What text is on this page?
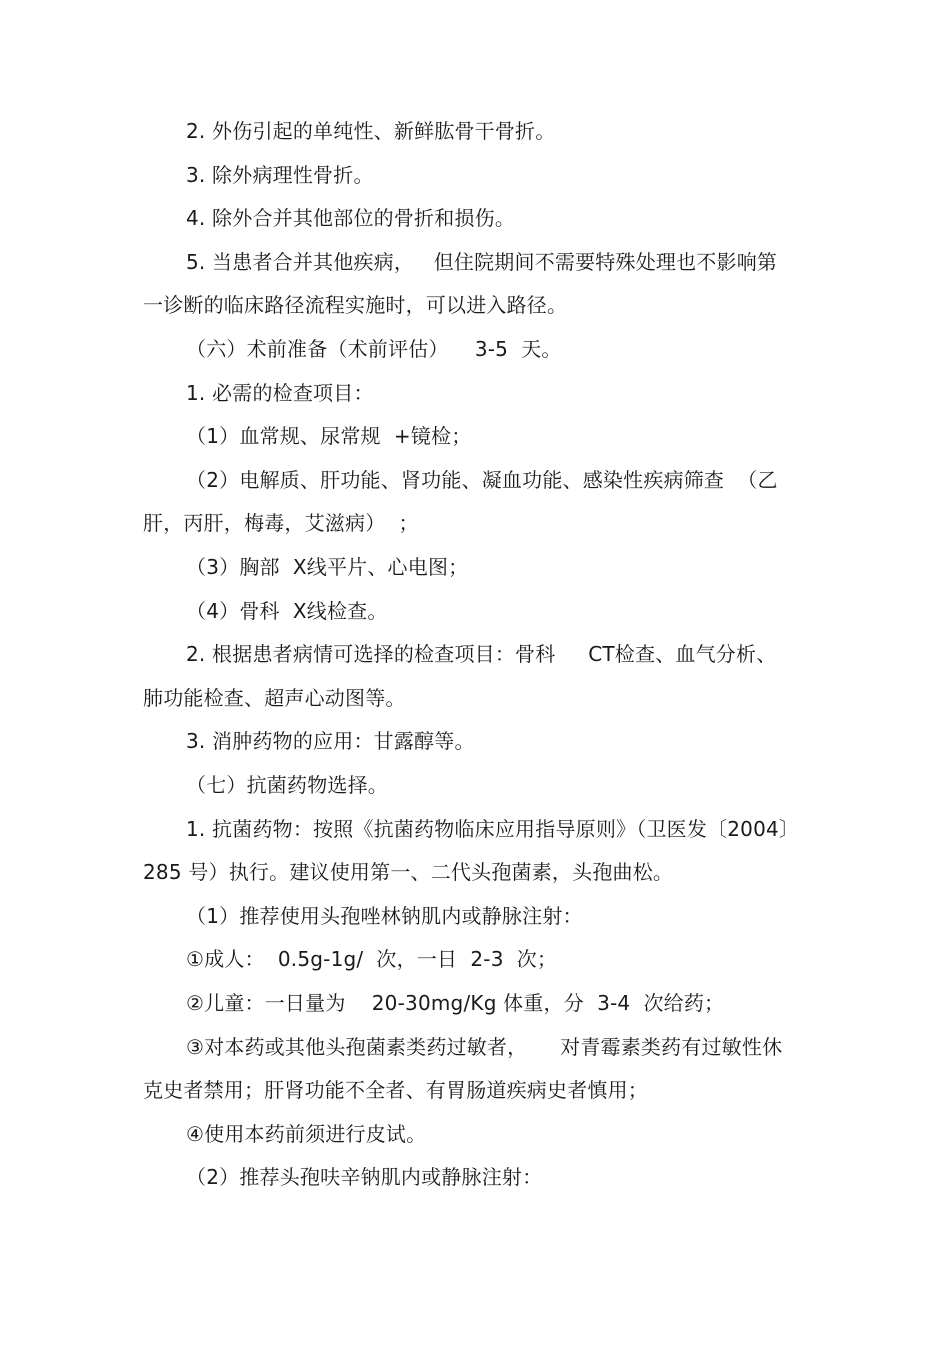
2. 外伤引起的单纯性、新鲜肱骨干骨折。
3. 除外病理性骨折。
4. 除外合并其他部位的骨折和损伤。
5. 当患者合并其他疾病，   但住院期间不需要特殊处理也不影响第
一诊断的临床路径流程实施时，可以进入路径。
（六）术前准备（术前评估）    3-5  天。
1. 必需的检查项目：
（1）血常规、尿常规  +镜检；
（2）电解质、肝功能、肾功能、凝血功能、感染性疾病筛查  （乙
肝，丙肝，梅毒，艾滋病）  ；
（3）胸部  X线平片、心电图；
（4）骨科  X线检查。
2. 根据患者病情可选择的检查项目：骨科     CT检查、血气分析、
肺功能检查、超声心动图等。
3. 消肿药物的应用：甘露醇等。
（七）抗菌药物选择。
1. 抗菌药物：按照《抗菌药物临床应用指导原则》（卫医发〔2004〕
285 号）执行。建议使用第一、二代头孢菌素，头孢曲松。
（1）推荐使用头孢唑林钠肌内或静脉注射：
①成人：  0.5g-1g/  次，一日  2-3  次；
②儿童：一日量为    20-30mg/Kg 体重，分  3-4  次给药；
③对本药或其他头孢菌素类药过敏者，     对青霉素类药有过敏性休
克史者禁用；肝肾功能不全者、有胃肠道疾病史者慎用；
④使用本药前须进行皮试。
（2）推荐头孢呋辛钠肌内或静脉注射：
